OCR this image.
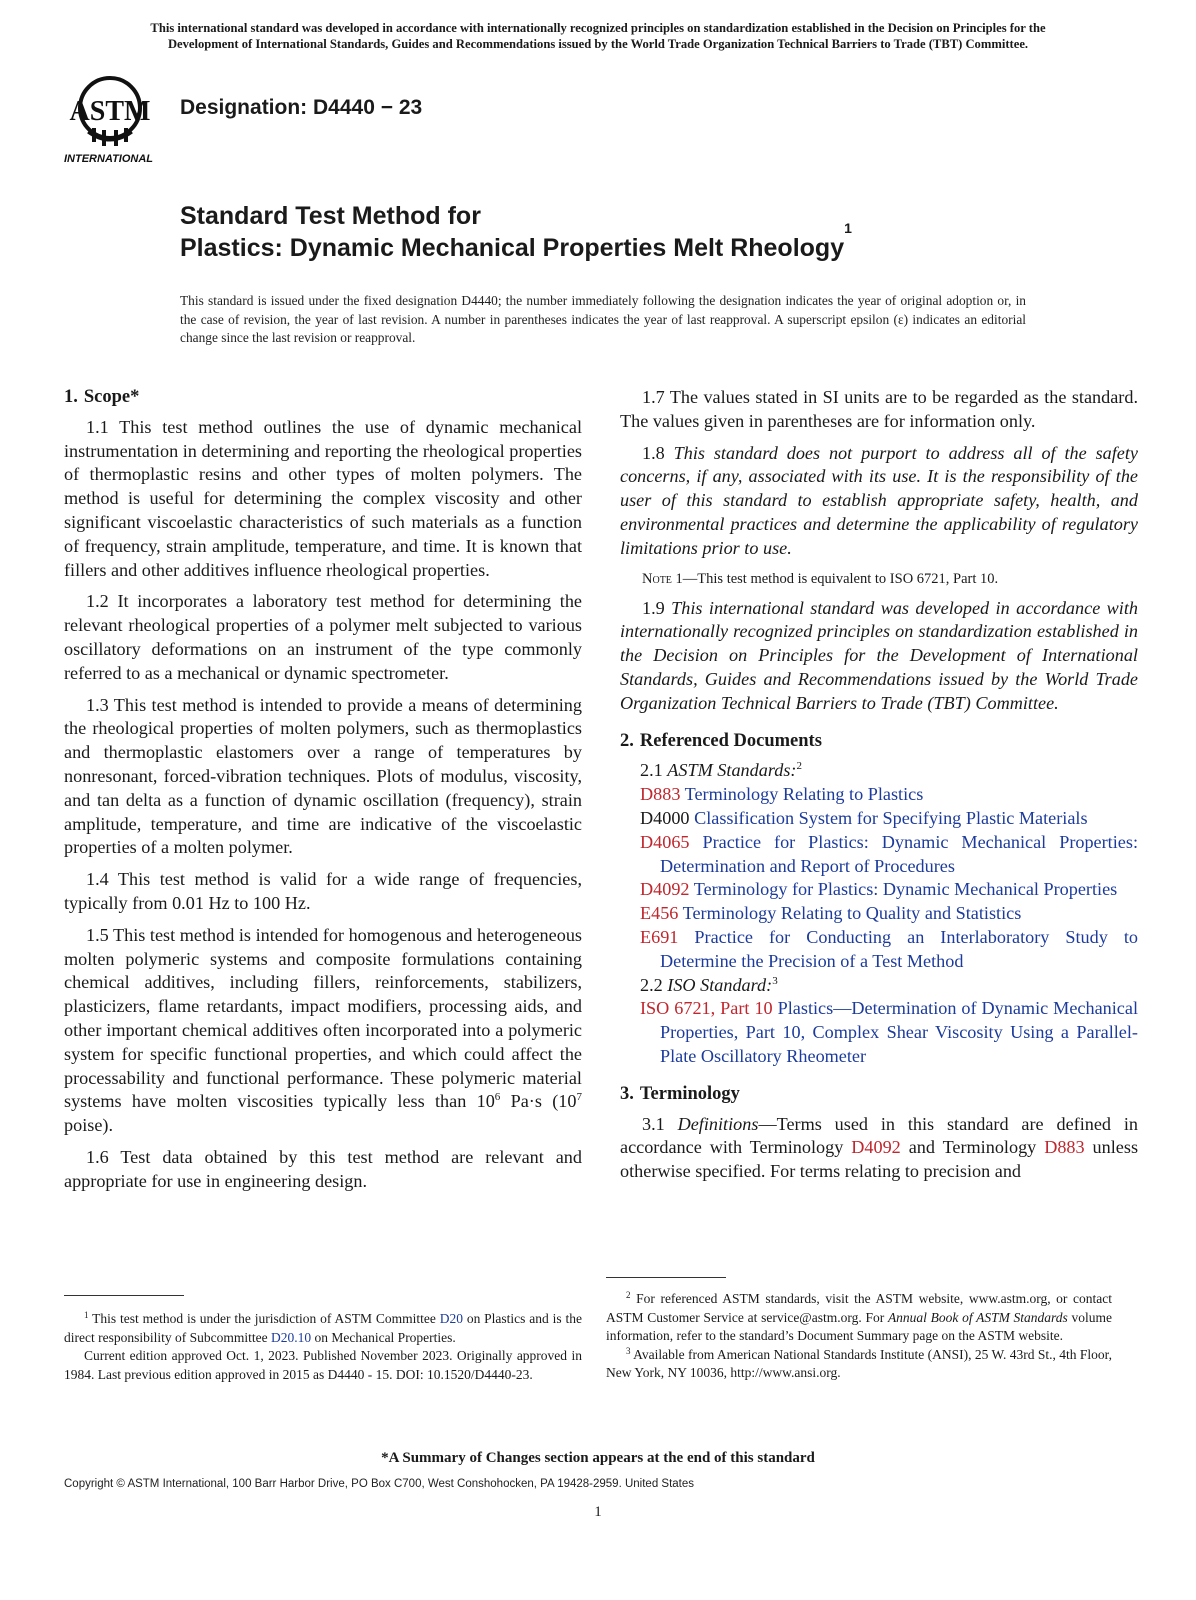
This international standard was developed in accordance with internationally recognized principles on standardization established in the Decision on Principles for the
Development of International Standards, Guides and Recommendations issued by the World Trade Organization Technical Barriers to Trade (TBT) Committee.
ASTM
INTERNATIONAL
Designation: D4440 − 23
Standard Test Method for
Plastics: Dynamic Mechanical Properties Melt Rheology$^1$
This standard is issued under the fixed designation D4440; the number immediately following the designation indicates the year of original adoption or, in the case of revision, the year of last revision. A number in parentheses indicates the year of last reapproval. A superscript epsilon (ε) indicates an editorial change since the last revision or reapproval.
1. Scope*

1.1 This test method outlines the use of dynamic mechanical instrumentation in determining and reporting the rheological properties of thermoplastic resins and other types of molten polymers. The method is useful for determining the complex viscosity and other significant viscoelastic characteristics of such materials as a function of frequency, strain amplitude, temperature, and time. It is known that fillers and other additives influence rheological properties.

1.2 It incorporates a laboratory test method for determining the relevant rheological properties of a polymer melt subjected to various oscillatory deformations on an instrument of the type commonly referred to as a mechanical or dynamic spectrometer.

1.3 This test method is intended to provide a means of determining the rheological properties of molten polymers, such as thermoplastics and thermoplastic elastomers over a range of temperatures by nonresonant, forced-vibration techniques. Plots of modulus, viscosity, and tan delta as a function of dynamic oscillation (frequency), strain amplitude, temperature, and time are indicative of the viscoelastic properties of a molten polymer.

1.4 This test method is valid for a wide range of frequencies, typically from 0.01 Hz to 100 Hz.

1.5 This test method is intended for homogenous and heterogeneous molten polymeric systems and composite formulations containing chemical additives, including fillers, reinforcements, stabilizers, plasticizers, flame retardants, impact modifiers, processing aids, and other important chemical additives often incorporated into a polymeric system for specific functional properties, and which could affect the processability and functional performance. These polymeric material systems have molten viscosities typically less than $10^6$ Pa·s ($10^7$ poise).

1.6 Test data obtained by this test method are relevant and appropriate for use in engineering design.

1.7 The values stated in SI units are to be regarded as the standard. The values given in parentheses are for information only.

1.8 This standard does not purport to address all of the safety concerns, if any, associated with its use. It is the responsibility of the user of this standard to establish appropriate safety, health, and environmental practices and determine the applicability of regulatory limitations prior to use.

Note 1—This test method is equivalent to ISO 6721, Part 10.

1.9 This international standard was developed in accordance with internationally recognized principles on standardization established in the Decision on Principles for the Development of International Standards, Guides and Recommendations issued by the World Trade Organization Technical Barriers to Trade (TBT) Committee.

2. Referenced Documents
2.1 ASTM Standards:$^2$
D883 Terminology Relating to Plastics
D4000 Classification System for Specifying Plastic Materials
D4065 Practice for Plastics: Dynamic Mechanical Properties: Determination and Report of Procedures
D4092 Terminology for Plastics: Dynamic Mechanical Properties
E456 Terminology Relating to Quality and Statistics
E691 Practice for Conducting an Interlaboratory Study to Determine the Precision of a Test Method
2.2 ISO Standard:$^3$
ISO 6721, Part 10 Plastics—Determination of Dynamic Mechanical Properties, Part 10, Complex Shear Viscosity Using a Parallel-Plate Oscillatory Rheometer
3. Terminology

3.1 Definitions—Terms used in this standard are defined in accordance with Terminology D4092 and Terminology D883 unless otherwise specified. For terms relating to precision and

$^1$ This test method is under the jurisdiction of ASTM Committee D20 on Plastics and is the direct responsibility of Subcommittee D20.10 on Mechanical Properties.

Current edition approved Oct. 1, 2023. Published November 2023. Originally approved in 1984. Last previous edition approved in 2015 as D4440 - 15. DOI: 10.1520/D4440-23.

$^2$ For referenced ASTM standards, visit the ASTM website, www.astm.org, or contact ASTM Customer Service at service@astm.org. For Annual Book of ASTM Standards volume information, refer to the standard’s Document Summary page on the ASTM website.

$^3$ Available from American National Standards Institute (ANSI), 25 W. 43rd St., 4th Floor, New York, NY 10036, http://www.ansi.org.

*A Summary of Changes section appears at the end of this standard
Copyright © ASTM International, 100 Barr Harbor Drive, PO Box C700, West Conshohocken, PA 19428-2959. United States
1
